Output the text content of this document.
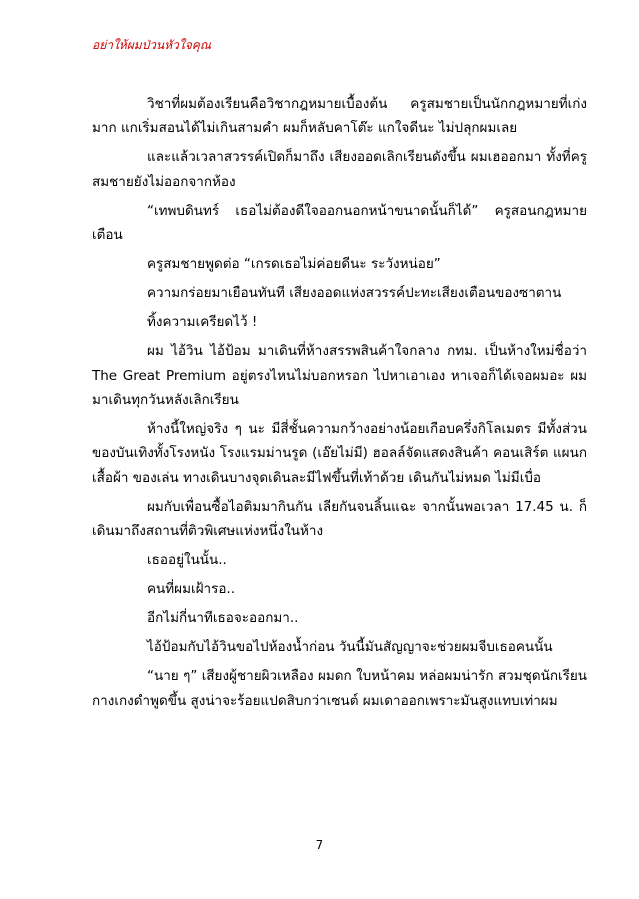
อย่าให้ผมป่วนหัวใจคุณ

วิชาที่ผมต้องเรียนคือวิชากฎหมายเบื้องต้น ครูสมชายเป็นนักกฎหมายที่เก่งมาก แกเริ่มสอนได้ไม่เกินสามคำ ผมก็หลับคาโต๊ะ แกใจดีนะ ไม่ปลุกผมเลย

และแล้วเวลาสวรรค์เปิดก็มาถึง เสียงออดเลิกเรียนดังขึ้น ผมเฮออกมา ทั้งที่ครูสมชายยังไม่ออกจากห้อง

“เทพบดินทร์ เธอไม่ต้องดีใจออกนอกหน้าขนาดนั้นก็ได้” ครูสอนกฎหมายเตือน

ครูสมชายพูดต่อ “เกรดเธอไม่ค่อยดีนะ ระวังหน่อย”

ความกร่อยมาเยือนทันที เสียงออดแห่งสวรรค์ปะทะเสียงเตือนของซาตาน

ทิ้งความเครียดไว้ !

ผม ไอ้วิน ไอ้ป้อม มาเดินที่ห้างสรรพสินค้าใจกลาง กทม. เป็นห้างใหม่ชื่อว่า The Great Premium อยู่ตรงไหนไม่บอกหรอก ไปหาเอาเอง หาเจอก็ได้เจอผมอะ ผมมาเดินทุกวันหลังเลิกเรียน

ห้างนี้ใหญ่จริง ๆ นะ มีสี่ชั้นความกว้างอย่างน้อยเกือบครึ่งกิโลเมตร มีทั้งส่วนของบันเทิงทั้งโรงหนัง โรงแรมม่านรูด (เอ๊ยไม่มี) ฮอลล์จัดแสดงสินค้า คอนเสิร์ต แผนกเสื้อผ้า ของเล่น ทางเดินบางจุดเดินละมีไฟขึ้นที่เท้าด้วย เดินกันไม่หมด ไม่มีเบื่อ

ผมกับเพื่อนซื้อไอติมมากินกัน เลียกันจนลิ้นแฉะ จากนั้นพอเวลา 17.45 น. ก็เดินมาถึงสถานที่ติวพิเศษแห่งหนึ่งในห้าง

เธออยู่ในนั้น..

คนที่ผมเฝ้ารอ..

อีกไม่กี่นาทีเธอจะออกมา..

ไอ้ป้อมกับไอ้วินขอไปห้องน้ำก่อน วันนี้มันสัญญาจะช่วยผมจีบเธอคนนั้น

“นาย ๆ” เสียงผู้ชายผิวเหลือง ผมดก ใบหน้าคม หล่อผมน่ารัก สวมชุดนักเรียนกางเกงดำพูดขึ้น สูงน่าจะร้อยแปดสิบกว่าเซนต์ ผมเดาออกเพราะมันสูงแทบเท่าผม

7
